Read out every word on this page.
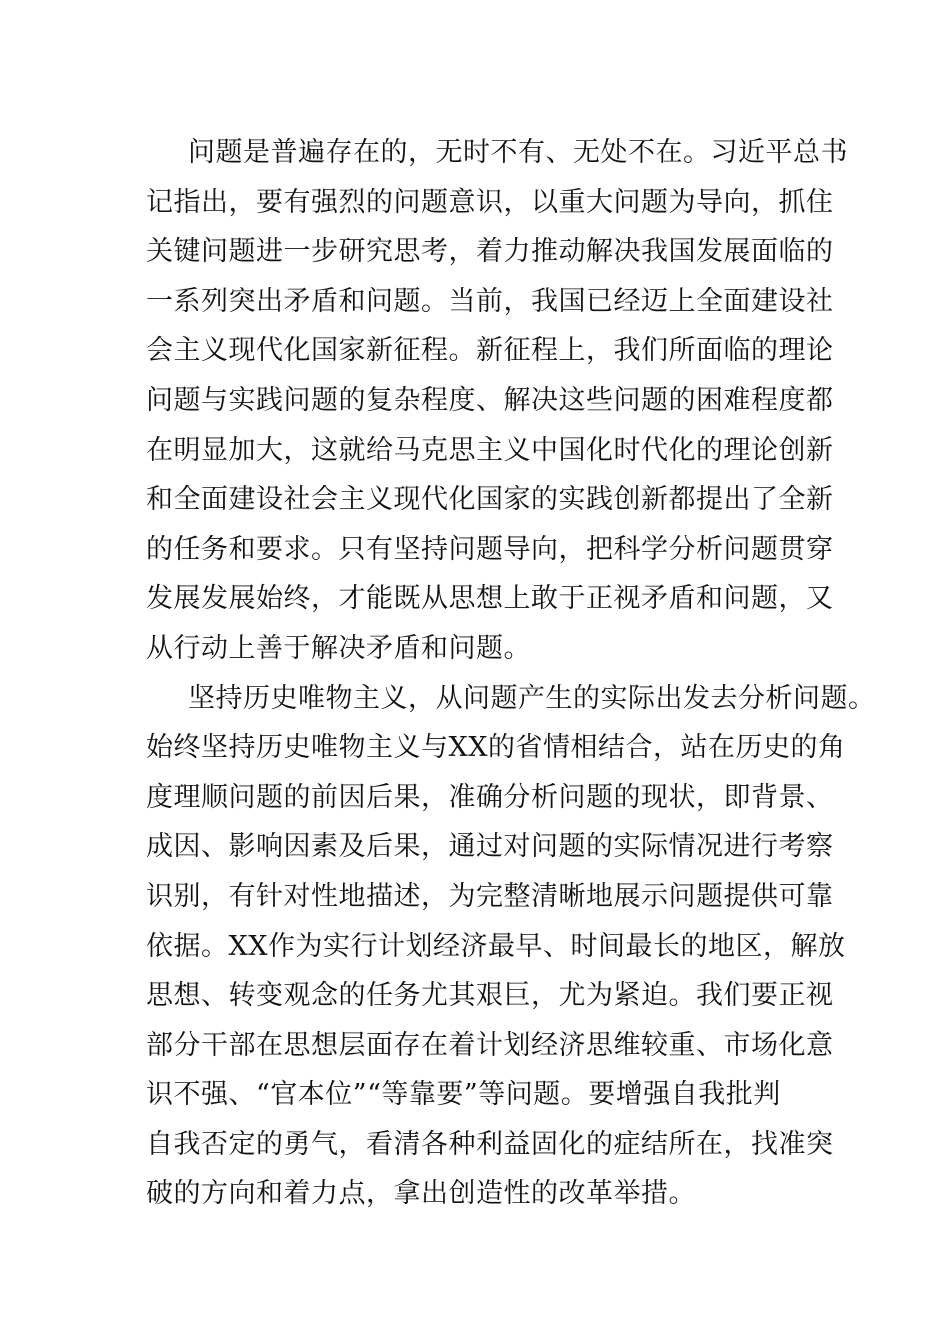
问题是普遍存在的，无时不有、无处不在。习近平总书
记指出，要有强烈的问题意识，以重大问题为导向，抓住
关键问题进一步研究思考，着力推动解决我国发展面临的
一系列突出矛盾和问题。当前，我国已经迈上全面建设社
会主义现代化国家新征程。新征程上，我们所面临的理论
问题与实践问题的复杂程度、解决这些问题的困难程度都
在明显加大，这就给马克思主义中国化时代化的理论创新
和全面建设社会主义现代化国家的实践创新都提出了全新
的任务和要求。只有坚持问题导向，把科学分析问题贯穿
发展发展始终，才能既从思想上敢于正视矛盾和问题，又
从行动上善于解决矛盾和问题。
坚持历史唯物主义，从问题产生的实际出发去分析问题。
始终坚持历史唯物主义与XX的省情相结合，站在历史的角
度理顺问题的前因后果，准确分析问题的现状，即背景、
成因、影响因素及后果，通过对问题的实际情况进行考察
识别，有针对性地描述，为完整清晰地展示问题提供可靠
依据。XX作为实行计划经济最早、时间最长的地区，解放
思想、转变观念的任务尤其艰巨，尤为紧迫。我们要正视
部分干部在思想层面存在着计划经济思维较重、市场化意
识不强、“官本位”“等靠要”等问题。要增强自我批判
自我否定的勇气，看清各种利益固化的症结所在，找准突
破的方向和着力点，拿出创造性的改革举措。
